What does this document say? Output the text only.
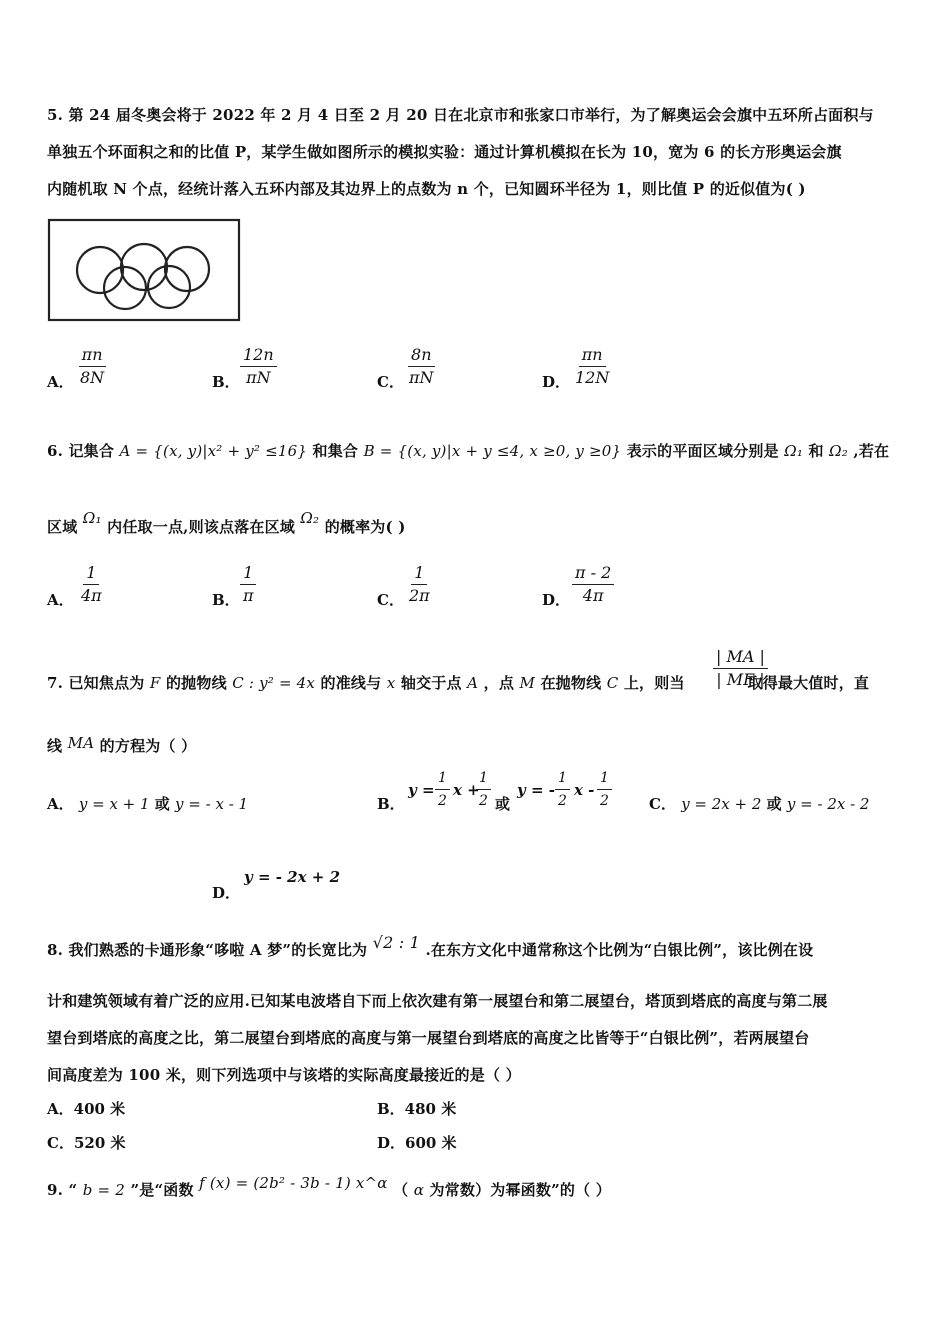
5. 第 24 届冬奥会将于 2022 年 2 月 4 日至 2 月 20 日在北京市和张家口市举行，为了解奥运会会旗中五环所占面积与
单独五个环面积之和的比值 P，某学生做如图所示的模拟实验：通过计算机模拟在长为 10，宽为 6 的长方形奥运会旗
内随机取 N 个点，经统计落入五环内部及其边界上的点数为 n 个，已知圆环半径为 1，则比值 P 的近似值为( )
A． $\frac{\pi n}{8N}$	B． $\frac{12n}{\pi N}$	C． $\frac{8n}{\pi N}$	D． $\frac{\pi n}{12N}$
6. 记集合 A = {(x, y)|x² + y² ≤16} 和集合 B = {(x, y)|x + y ≤4, x ≥0, y ≥0} 表示的平面区域分别是 Ω₁ 和 Ω₂ ,若在
区域 Ω₁ 内任取一点,则该点落在区域 Ω₂ 的概率为( )
A． $\frac{1}{4\pi}$	B． $\frac{1}{\pi}$	C． $\frac{1}{2\pi}$	D． $\frac{\pi - 2}{4\pi}$
7. 已知焦点为 F 的抛物线 C : y² = 4x 的准线与 x 轴交于点 A ，点 M 在抛物线 C 上，则当	取得最大值时，直
$\frac{| MA |}{| MF |}$
线 MA 的方程为（ ）
A． y = x + 1 或 y = - x - 1	B．
$y = \frac{1}{2}$ x +
$\frac{1}{2}$ 或
y = - $\frac{1}{2}$ x - $\frac{1}{2}$ C． y = 2x + 2 或 y = - 2x - 2
D．
y = - 2x + 2
8. 我们熟悉的卡通形象“哆啦 A 梦”的长宽比为 √2 : 1 .在东方文化中通常称这个比例为“白银比例”，该比例在设
计和建筑领域有着广泛的应用.已知某电波塔自下而上依次建有第一展望台和第二展望台，塔顶到塔底的高度与第二展
望台到塔底的高度之比，第二展望台到塔底的高度与第一展望台到塔底的高度之比皆等于“白银比例”，若两展望台
间高度差为 100 米，则下列选项中与该塔的实际高度最接近的是（ ）
A．400 米	B．480 米
C．520 米	D．600 米
9. “ b = 2 ”是“函数 f (x) = (2b² - 3b - 1) x^α （ α 为常数）为幂函数”的（ ）
